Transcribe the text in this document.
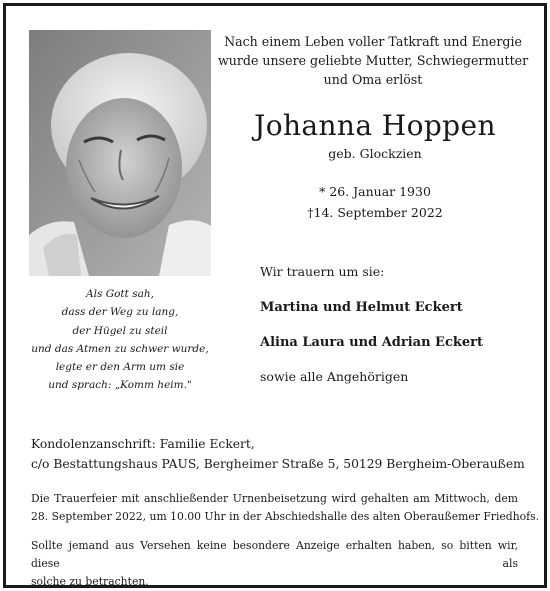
Nach einem Leben voller Tatkraft und Energie
wurde unsere geliebte Mutter, Schwiegermutter
und Oma erlöst
Johanna Hoppen
geb. Glockzien
* 26. Januar 1930
†14. September 2022
Als Gott sah,
dass der Weg zu lang,
der Hügel zu steil
und das Atmen zu schwer wurde,
legte er den Arm um sie
und sprach: „Komm heim."
Wir trauern um sie:
Martina und Helmut Eckert
Alina Laura und Adrian Eckert
sowie alle Angehörigen
Kondolenzanschrift: Familie Eckert,
c/o Bestattungshaus PAUS, Bergheimer Straße 5, 50129 Bergheim-Oberaußem
Die Trauerfeier mit anschließender Urnenbeisetzung wird gehalten am Mittwoch, dem
28. September 2022, um 10.00 Uhr in der Abschiedshalle des alten Oberaußemer Friedhofs.
Sollte jemand aus Versehen keine besondere Anzeige erhalten haben, so bitten wir, diese als
solche zu betrachten.
